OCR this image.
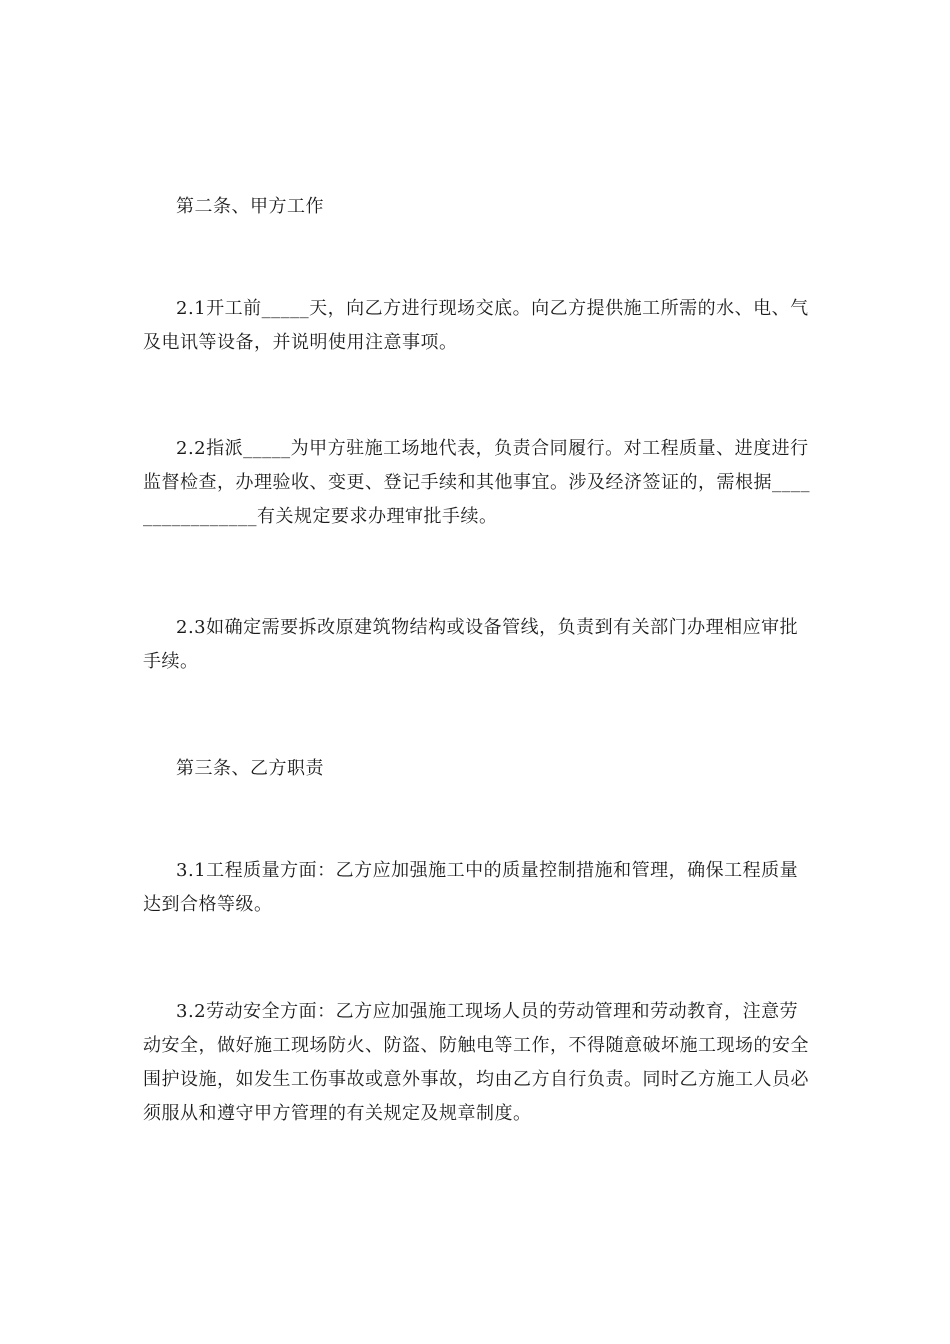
第二条、甲方工作
2.1开工前_____天，向乙方进行现场交底。向乙方提供施工所需的水、电、气及电讯等设备，并说明使用注意事项。
2.2指派_____为甲方驻施工场地代表，负责合同履行。对工程质量、进度进行监督检查，办理验收、变更、登记手续和其他事宜。涉及经济签证的，需根据________________有关规定要求办理审批手续。
2.3如确定需要拆改原建筑物结构或设备管线，负责到有关部门办理相应审批手续。
第三条、乙方职责
3.1工程质量方面：乙方应加强施工中的质量控制措施和管理，确保工程质量达到合格等级。
3.2劳动安全方面：乙方应加强施工现场人员的劳动管理和劳动教育，注意劳动安全，做好施工现场防火、防盗、防触电等工作，不得随意破坏施工现场的安全围护设施，如发生工伤事故或意外事故，均由乙方自行负责。同时乙方施工人员必须服从和遵守甲方管理的有关规定及规章制度。
